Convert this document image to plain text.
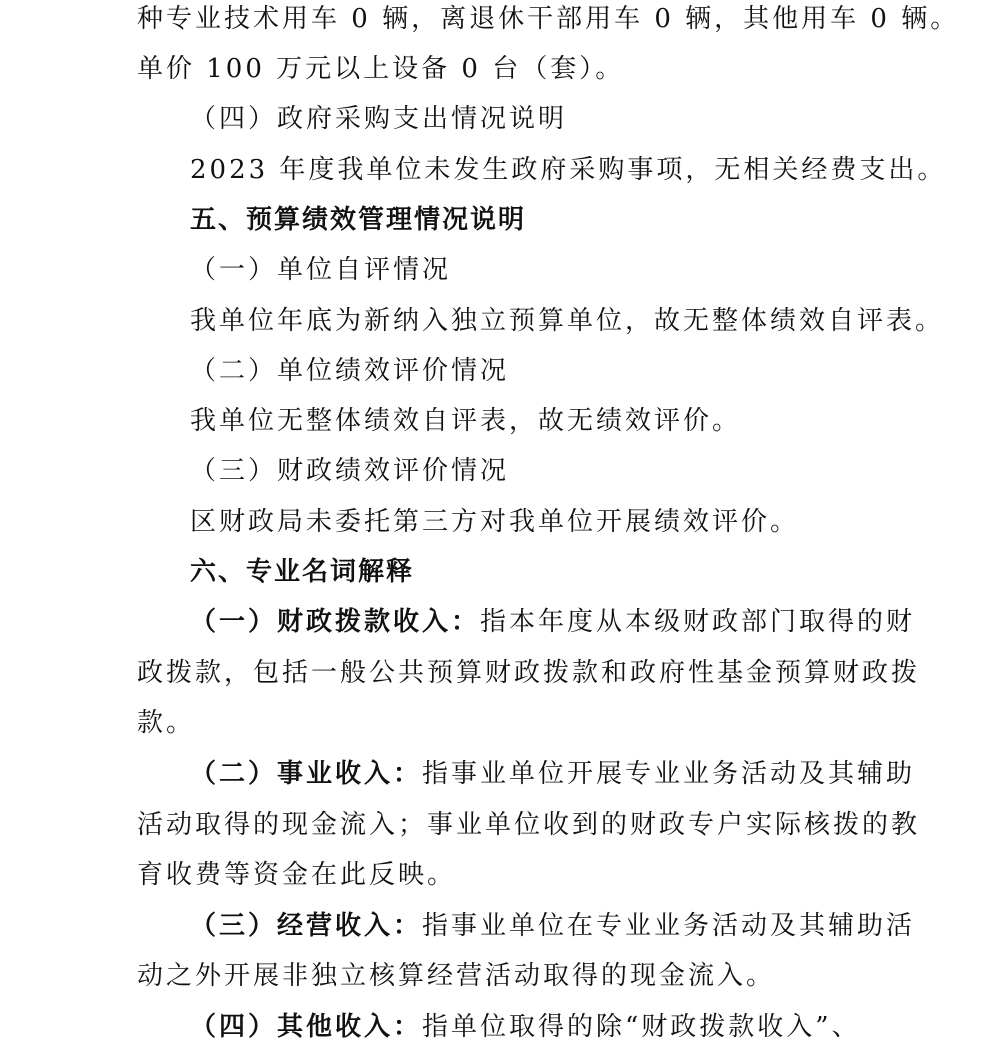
种专业技术用车 0 辆，离退休干部用车 0 辆，其他用车 0 辆。
单价 100 万元以上设备 0 台（套）。
（四）政府采购支出情况说明
2023 年度我单位未发生政府采购事项，无相关经费支出。
五、预算绩效管理情况说明
（一）单位自评情况
我单位年底为新纳入独立预算单位，故无整体绩效自评表。
（二）单位绩效评价情况
我单位无整体绩效自评表，故无绩效评价。
（三）财政绩效评价情况
区财政局未委托第三方对我单位开展绩效评价。
六、专业名词解释
（一）财政拨款收入：指本年度从本级财政部门取得的财
政拨款，包括一般公共预算财政拨款和政府性基金预算财政拨
款。
（二）事业收入：指事业单位开展专业业务活动及其辅助
活动取得的现金流入；事业单位收到的财政专户实际核拨的教
育收费等资金在此反映。
（三）经营收入：指事业单位在专业业务活动及其辅助活
动之外开展非独立核算经营活动取得的现金流入。
（四）其他收入：指单位取得的除“财政拨款收入”、
